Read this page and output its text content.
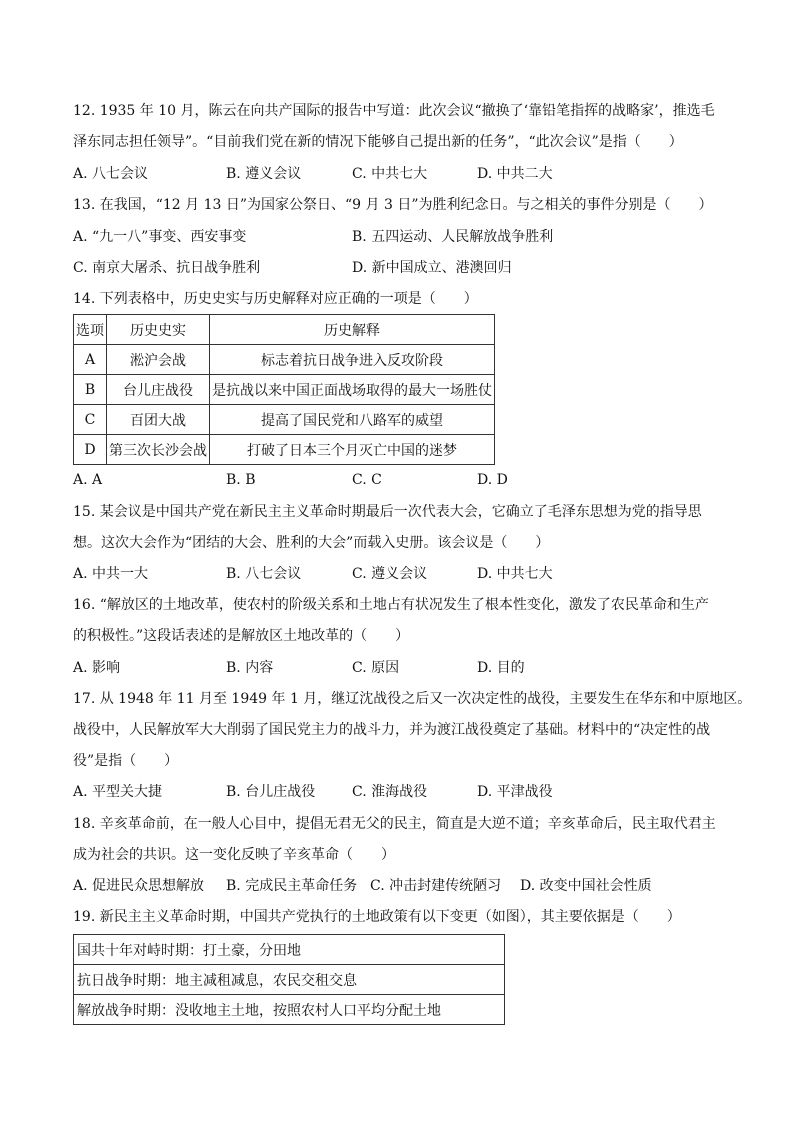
12. 1935 年 10 月，陈云在向共产国际的报告中写道：此次会议“撤换了‘靠铅笔指挥的战略家’，推选毛
泽东同志担任领导”。“目前我们党在新的情况下能够自己提出新的任务”，“此次会议”是指（　　）
A. 八七会议	B. 遵义会议	C. 中共七大	D. 中共二大
13. 在我国，“12 月 13 日”为国家公祭日、“9 月 3 日”为胜利纪念日。与之相关的事件分别是（　　）
A. “九一八”事变、西安事变	B. 五四运动、人民解放战争胜利
C. 南京大屠杀、抗日战争胜利	D. 新中国成立、港澳回归
14. 下列表格中，历史史实与历史解释对应正确的一项是（　　）
选项	历史史实	历史解释
A	淞沪会战	标志着抗日战争进入反攻阶段
B	台儿庄战役	是抗战以来中国正面战场取得的最大一场胜仗
C	百团大战	提高了国民党和八路军的威望
D	第三次长沙会战	打破了日本三个月灭亡中国的迷梦
A. A	B. B	C. C	D. D
15. 某会议是中国共产党在新民主主义革命时期最后一次代表大会，它确立了毛泽东思想为党的指导思
想。这次大会作为“团结的大会、胜利的大会”而载入史册。该会议是（　　）
A. 中共一大	B. 八七会议	C. 遵义会议	D. 中共七大
16. “解放区的土地改革，使农村的阶级关系和土地占有状况发生了根本性变化，激发了农民革命和生产
的积极性。”这段话表述的是解放区土地改革的（　　）
A. 影响	B. 内容	C. 原因	D. 目的
17. 从 1948 年 11 月至 1949 年 1 月，继辽沈战役之后又一次决定性的战役，主要发生在华东和中原地区。
战役中，人民解放军大大削弱了国民党主力的战斗力，并为渡江战役奠定了基础。材料中的“决定性的战
役”是指（　　）
A. 平型关大捷	B. 台儿庄战役	C. 淮海战役	D. 平津战役
18. 辛亥革命前，在一般人心目中，提倡无君无父的民主，简直是大逆不道；辛亥革命后，民主取代君主
成为社会的共识。这一变化反映了辛亥革命（　　）
A. 促进民众思想解放 B. 完成民主革命任务 C. 冲击封建传统陋习 D. 改变中国社会性质
19. 新民主主义革命时期，中国共产党执行的土地政策有以下变更（如图），其主要依据是（　　）
国共十年对峙时期：打土豪，分田地
抗日战争时期：地主减租减息，农民交租交息
解放战争时期：没收地主土地，按照农村人口平均分配土地
